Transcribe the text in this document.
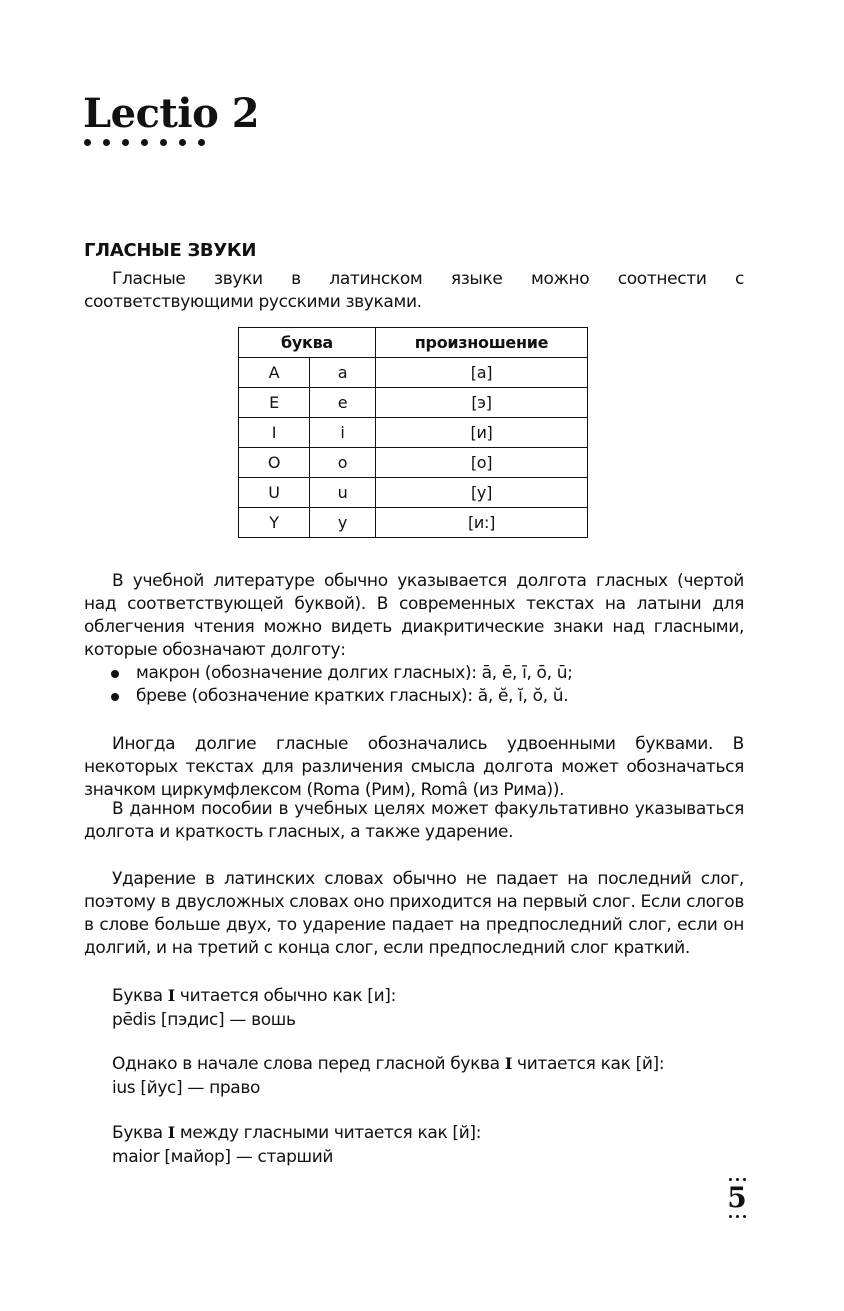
Lectio 2
ГЛАСНЫЕ ЗВУКИ

Гласные звуки в латинском языке можно соотнести с соответствующими русскими звуками.

буква		произношение
A	a	[а]
E	e	[э]
I	i	[и]
O	o	[о]
U	u	[у]
Y	y	[и:]

В учебной литературе обычно указывается долгота гласных (чертой над соответствующей буквой). В современных текстах на латыни для облегчения чтения можно видеть диакритические знаки над гласными, которые обозначают долготу:

макрон (обозначение долгих гласных): ā, ē, ī, ō, ū;
бреве (обозначение кратких гласных): ă, ĕ, ĭ, ŏ, ŭ.

Иногда долгие гласные обозначались удвоенными буквами. В некоторых текстах для различения смысла долгота может обозначаться значком циркумфлексом (Roma (Рим), Româ (из Рима)).

В данном пособии в учебных целях может факультативно указываться долгота и краткость гласных, а также ударение.

Ударение в латинских словах обычно не падает на последний слог, поэтому в двусложных словах оно приходится на первый слог. Если слогов в слове больше двух, то ударение падает на предпоследний слог, если он долгий, и на третий с конца слог, если предпоследний слог краткий.

Буква I читается обычно как [и]:
pēdis [пэдис] — вошь
Однако в начале слова перед гласной буква I читается как [й]:
ius [йус] — право
Буква I между гласными читается как [й]:
maior [майор] — старший
5
